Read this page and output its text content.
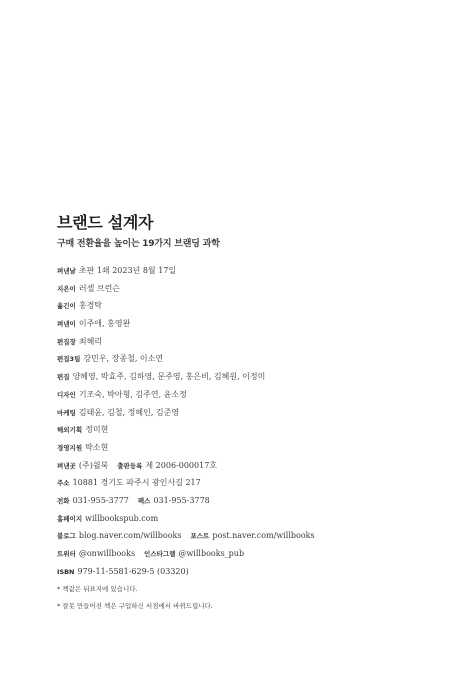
브랜드 설계자
구매 전환율을 높이는 19가지 브랜딩 과학
펴낸날 초판 1쇄 2023년 8월 17일
지은이 러셀 브런슨
옮긴이 홍경탁
펴낸이 이주애, 홍영완
편집장 최혜리
편집3팀 강민우, 장종철, 이소연
편집 양혜영, 박효주, 김하영, 문주영, 홍은비, 김혜원, 이정미
디자인 기조숙, 박아형, 김주연, 윤소정
마케팅 김태윤, 김철, 정혜인, 김준영
해외기획 정미현
경영지원 박소현
펴낸곳 (주)윌북 출판등록 제 2006-000017호
주소 10881 경기도 파주시 광인사길 217
전화 031-955-3777 팩스 031-955-3778
홈페이지 willbookspub.com
블로그 blog.naver.com/willbooks 포스트 post.naver.com/willbooks
트위터 @onwillbooks 인스타그램 @willbooks_pub
ISBN 979-11-5581-629-5 (03320)
* 책값은 뒤표지에 있습니다.
* 잘못 만들어진 책은 구입하신 서점에서 바꿔드립니다.
